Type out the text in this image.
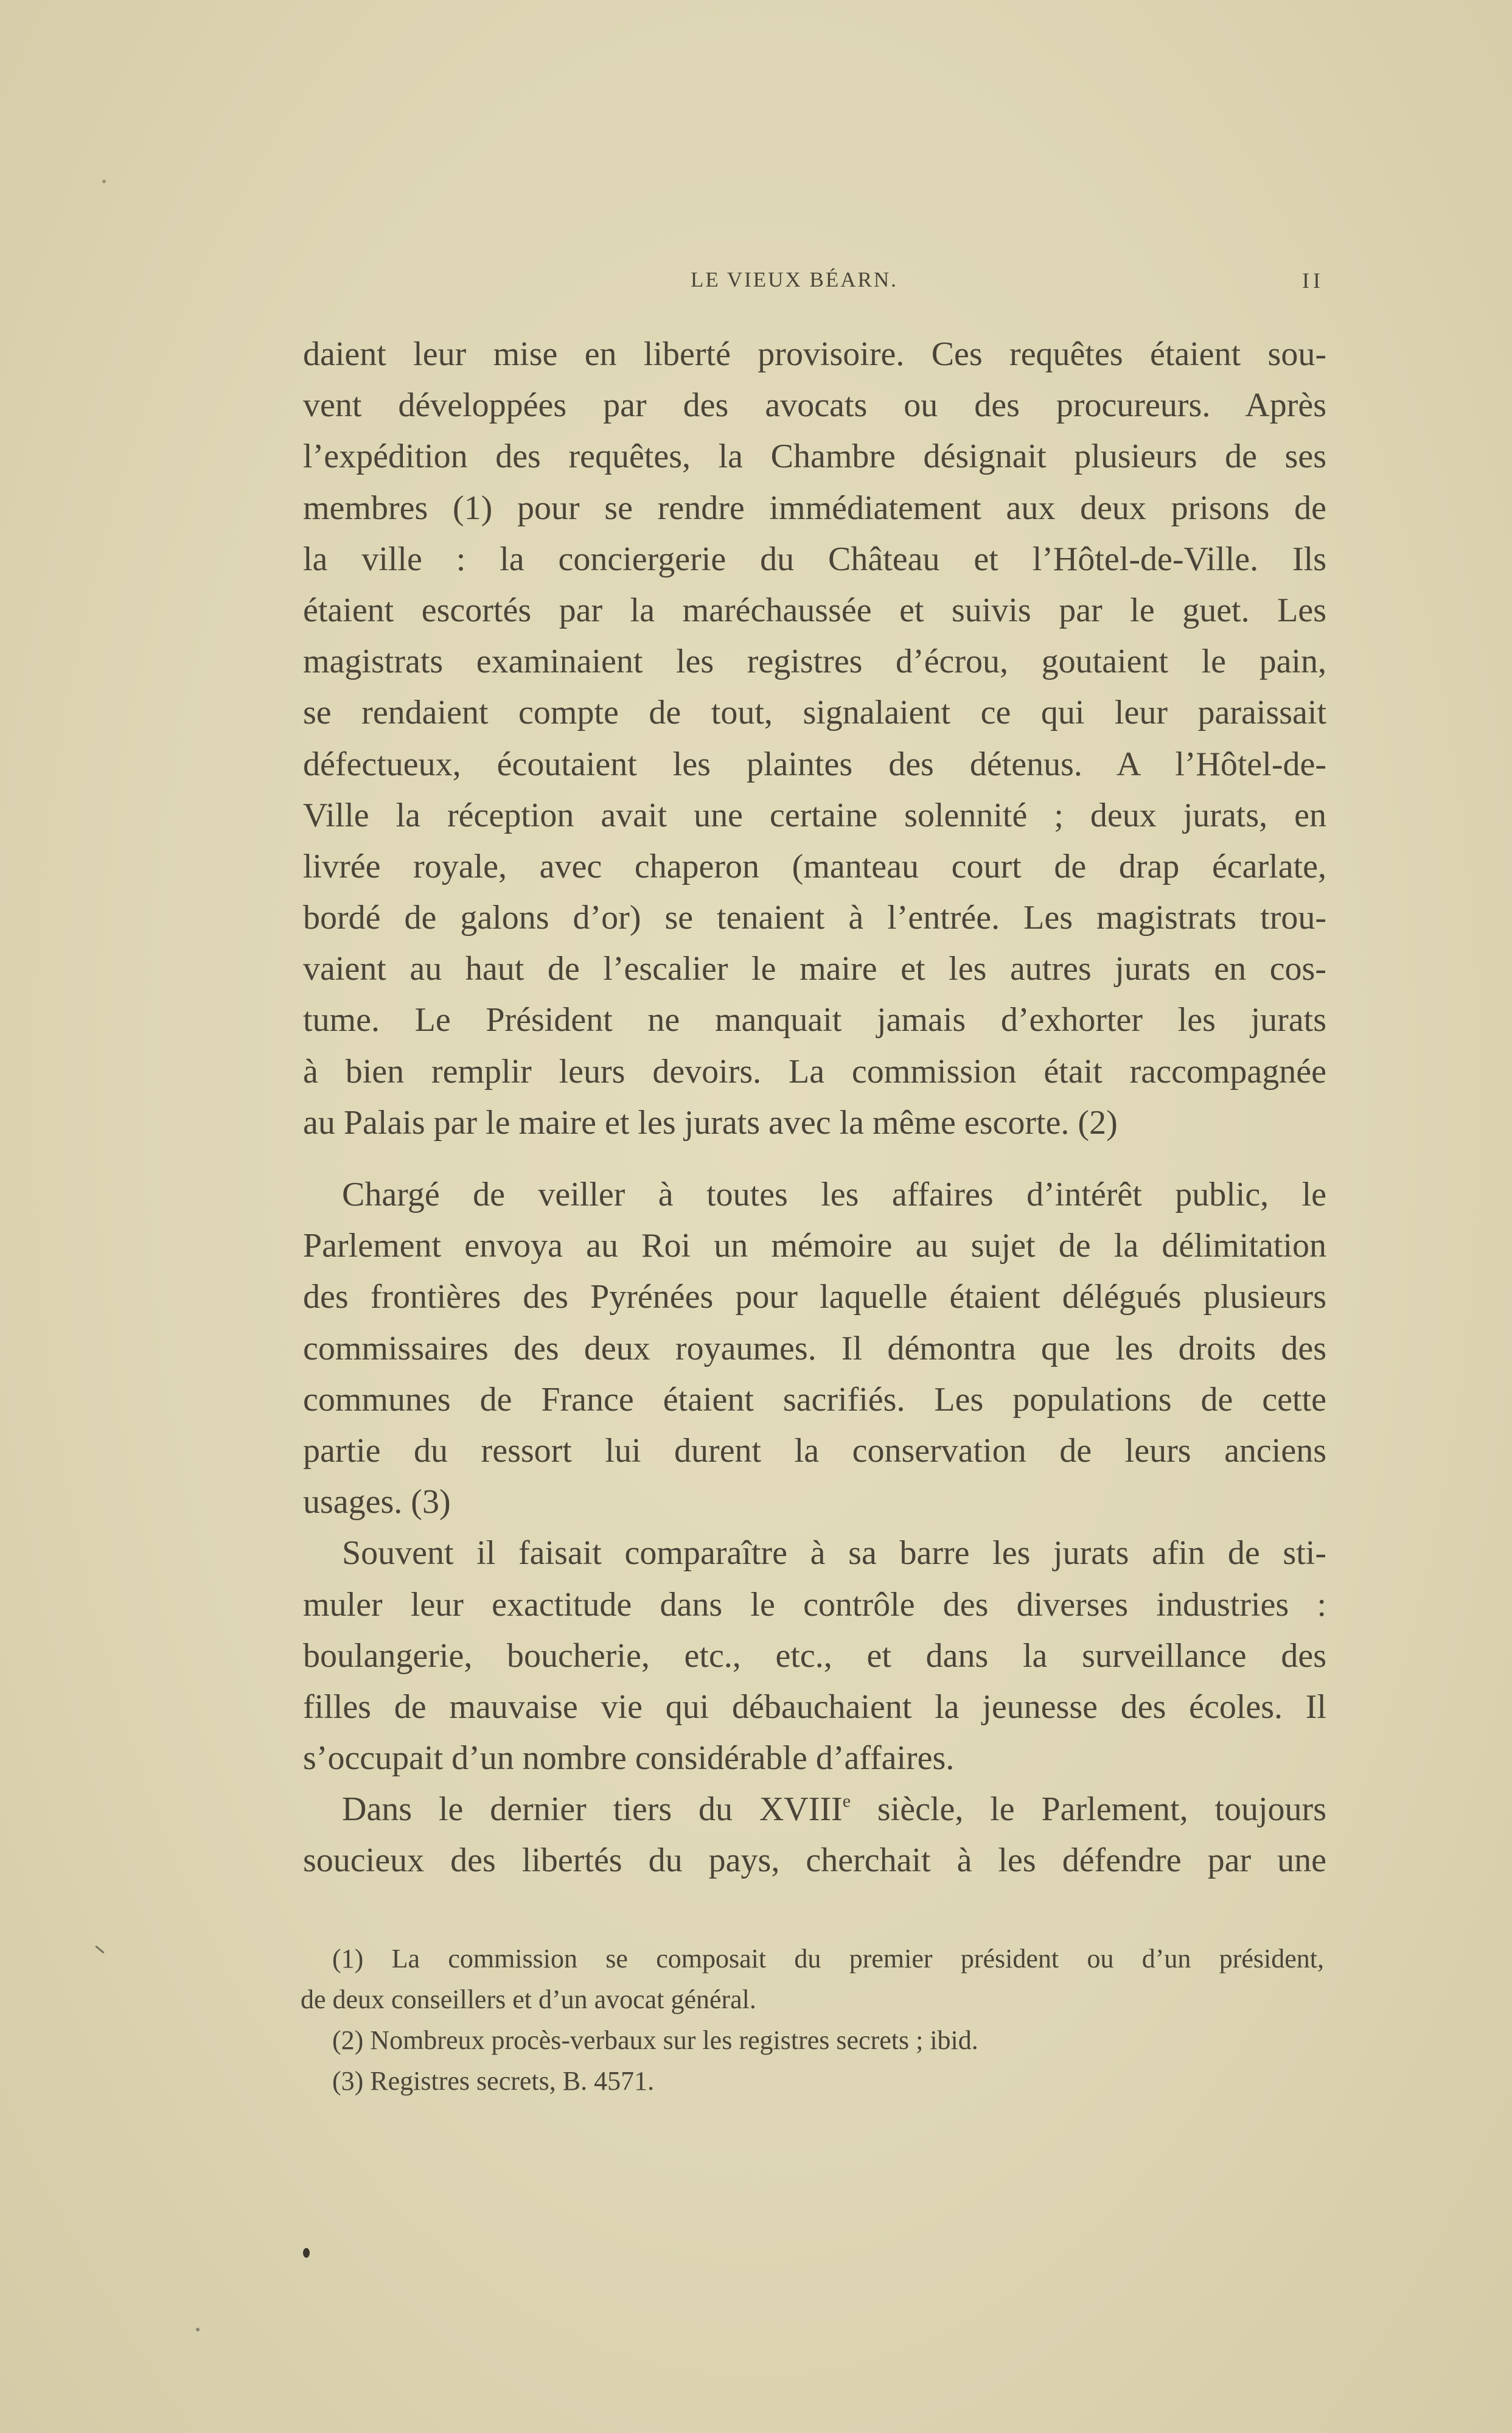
LE VIEUX BÉARN.	II
daient leur mise en liberté provisoire. Ces requêtes étaient sou-
vent développées par des avocats ou des procureurs. Après
l’expédition des requêtes, la Chambre désignait plusieurs de ses
membres (1) pour se rendre immédiatement aux deux prisons de
la ville : la conciergerie du Château et l’Hôtel-de-Ville. Ils
étaient escortés par la maréchaussée et suivis par le guet. Les
magistrats examinaient les registres d’écrou, goutaient le pain,
se rendaient compte de tout, signalaient ce qui leur paraissait
défectueux, écoutaient les plaintes des détenus. A l’Hôtel-de-
Ville la réception avait une certaine solennité ; deux jurats, en
livrée royale, avec chaperon (manteau court de drap écarlate,
bordé de galons d’or) se tenaient à l’entrée. Les magistrats trou-
vaient au haut de l’escalier le maire et les autres jurats en cos-
tume. Le Président ne manquait jamais d’exhorter les jurats
à bien remplir leurs devoirs. La commission était raccompagnée
au Palais par le maire et les jurats avec la même escorte. (2)
Chargé de veiller à toutes les affaires d’intérêt public, le
Parlement envoya au Roi un mémoire au sujet de la délimitation
des frontières des Pyrénées pour laquelle étaient délégués plusieurs
commissaires des deux royaumes. Il démontra que les droits des
communes de France étaient sacrifiés. Les populations de cette
partie du ressort lui durent la conservation de leurs anciens
usages. (3)
Souvent il faisait comparaître à sa barre les jurats afin de sti-
muler leur exactitude dans le contrôle des diverses industries :
boulangerie, boucherie, etc., etc., et dans la surveillance des
filles de mauvaise vie qui débauchaient la jeunesse des écoles. Il
s’occupait d’un nombre considérable d’affaires.
Dans le dernier tiers du XVIIIe siècle, le Parlement, toujours
soucieux des libertés du pays, cherchait à les défendre par une
(1) La commission se composait du premier président ou d’un président,
de deux conseillers et d’un avocat général.
(2) Nombreux procès-verbaux sur les registres secrets ; ibid.
(3) Registres secrets, B. 4571.
